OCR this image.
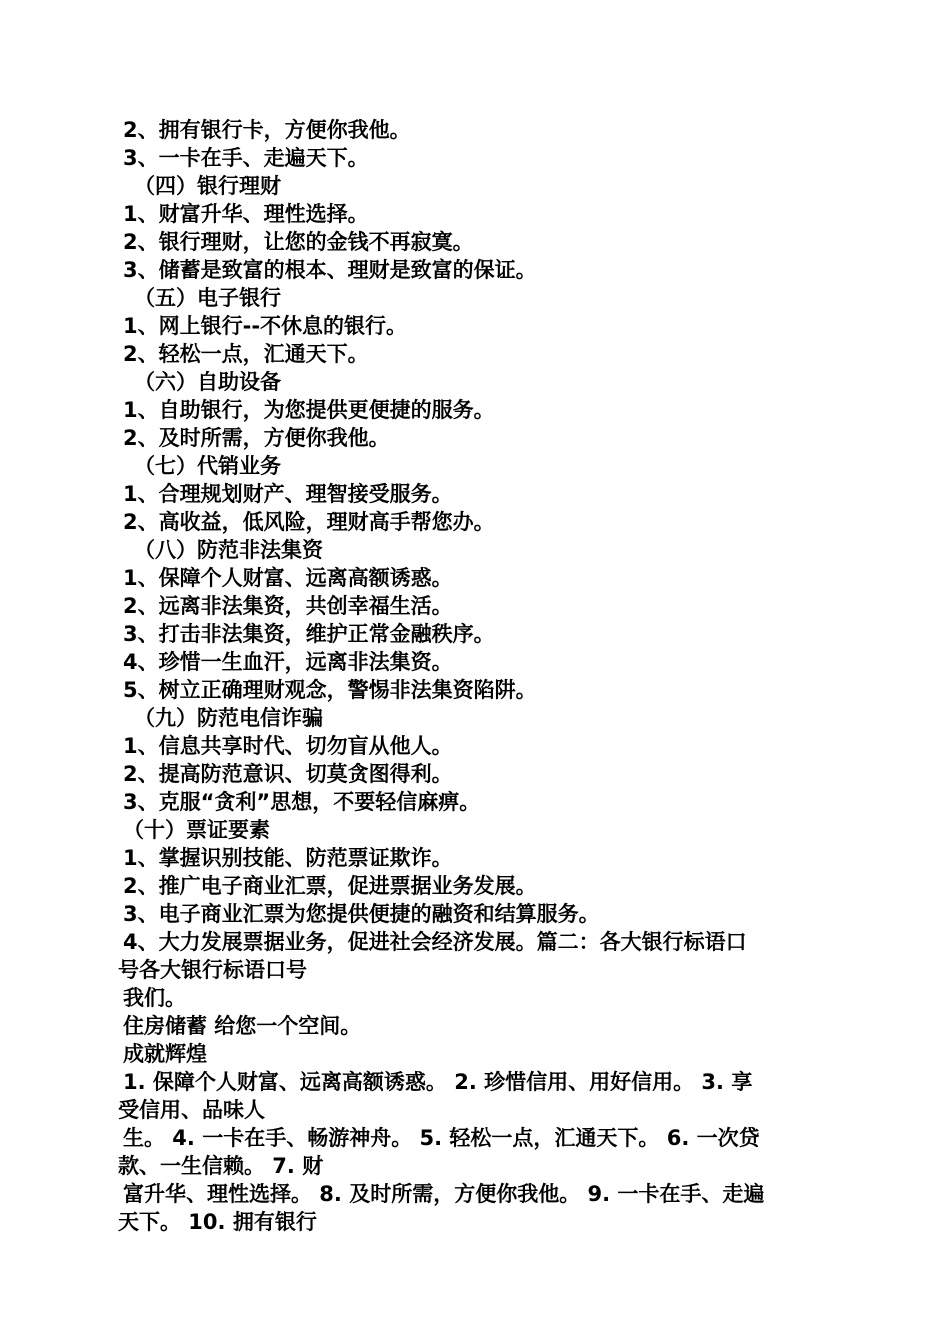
2、拥有银行卡，方便你我他。
3、一卡在手、走遍天下。
（四）银行理财
1、财富升华、理性选择。
2、银行理财，让您的金钱不再寂寞。
3、储蓄是致富的根本、理财是致富的保证。
（五）电子银行
1、网上银行--不休息的银行。
2、轻松一点，汇通天下。
（六）自助设备
1、自助银行，为您提供更便捷的服务。
2、及时所需，方便你我他。
（七）代销业务
1、合理规划财产、理智接受服务。
2、高收益，低风险，理财高手帮您办。
（八）防范非法集资
1、保障个人财富、远离高额诱惑。
2、远离非法集资，共创幸福生活。
3、打击非法集资，维护正常金融秩序。
4、珍惜一生血汗，远离非法集资。
5、树立正确理财观念，警惕非法集资陷阱。
（九）防范电信诈骗
1、信息共享时代、切勿盲从他人。
2、提高防范意识、切莫贪图得利。
3、克服“贪利”思想，不要轻信麻痹。
（十）票证要素
1、掌握识别技能、防范票证欺诈。
2、推广电子商业汇票，促进票据业务发展。
3、电子商业汇票为您提供便捷的融资和结算服务。
4、大力发展票据业务，促进社会经济发展。篇二：各大银行标语口
号各大银行标语口号
我们。
住房储蓄 给您一个空间。
成就辉煌
1. 保障个人财富、远离高额诱惑。 2. 珍惜信用、用好信用。 3. 享
受信用、品味人
生。 4. 一卡在手、畅游神舟。 5. 轻松一点，汇通天下。 6. 一次贷
款、一生信赖。 7. 财
富升华、理性选择。 8. 及时所需，方便你我他。 9. 一卡在手、走遍
天下。 10. 拥有银行
